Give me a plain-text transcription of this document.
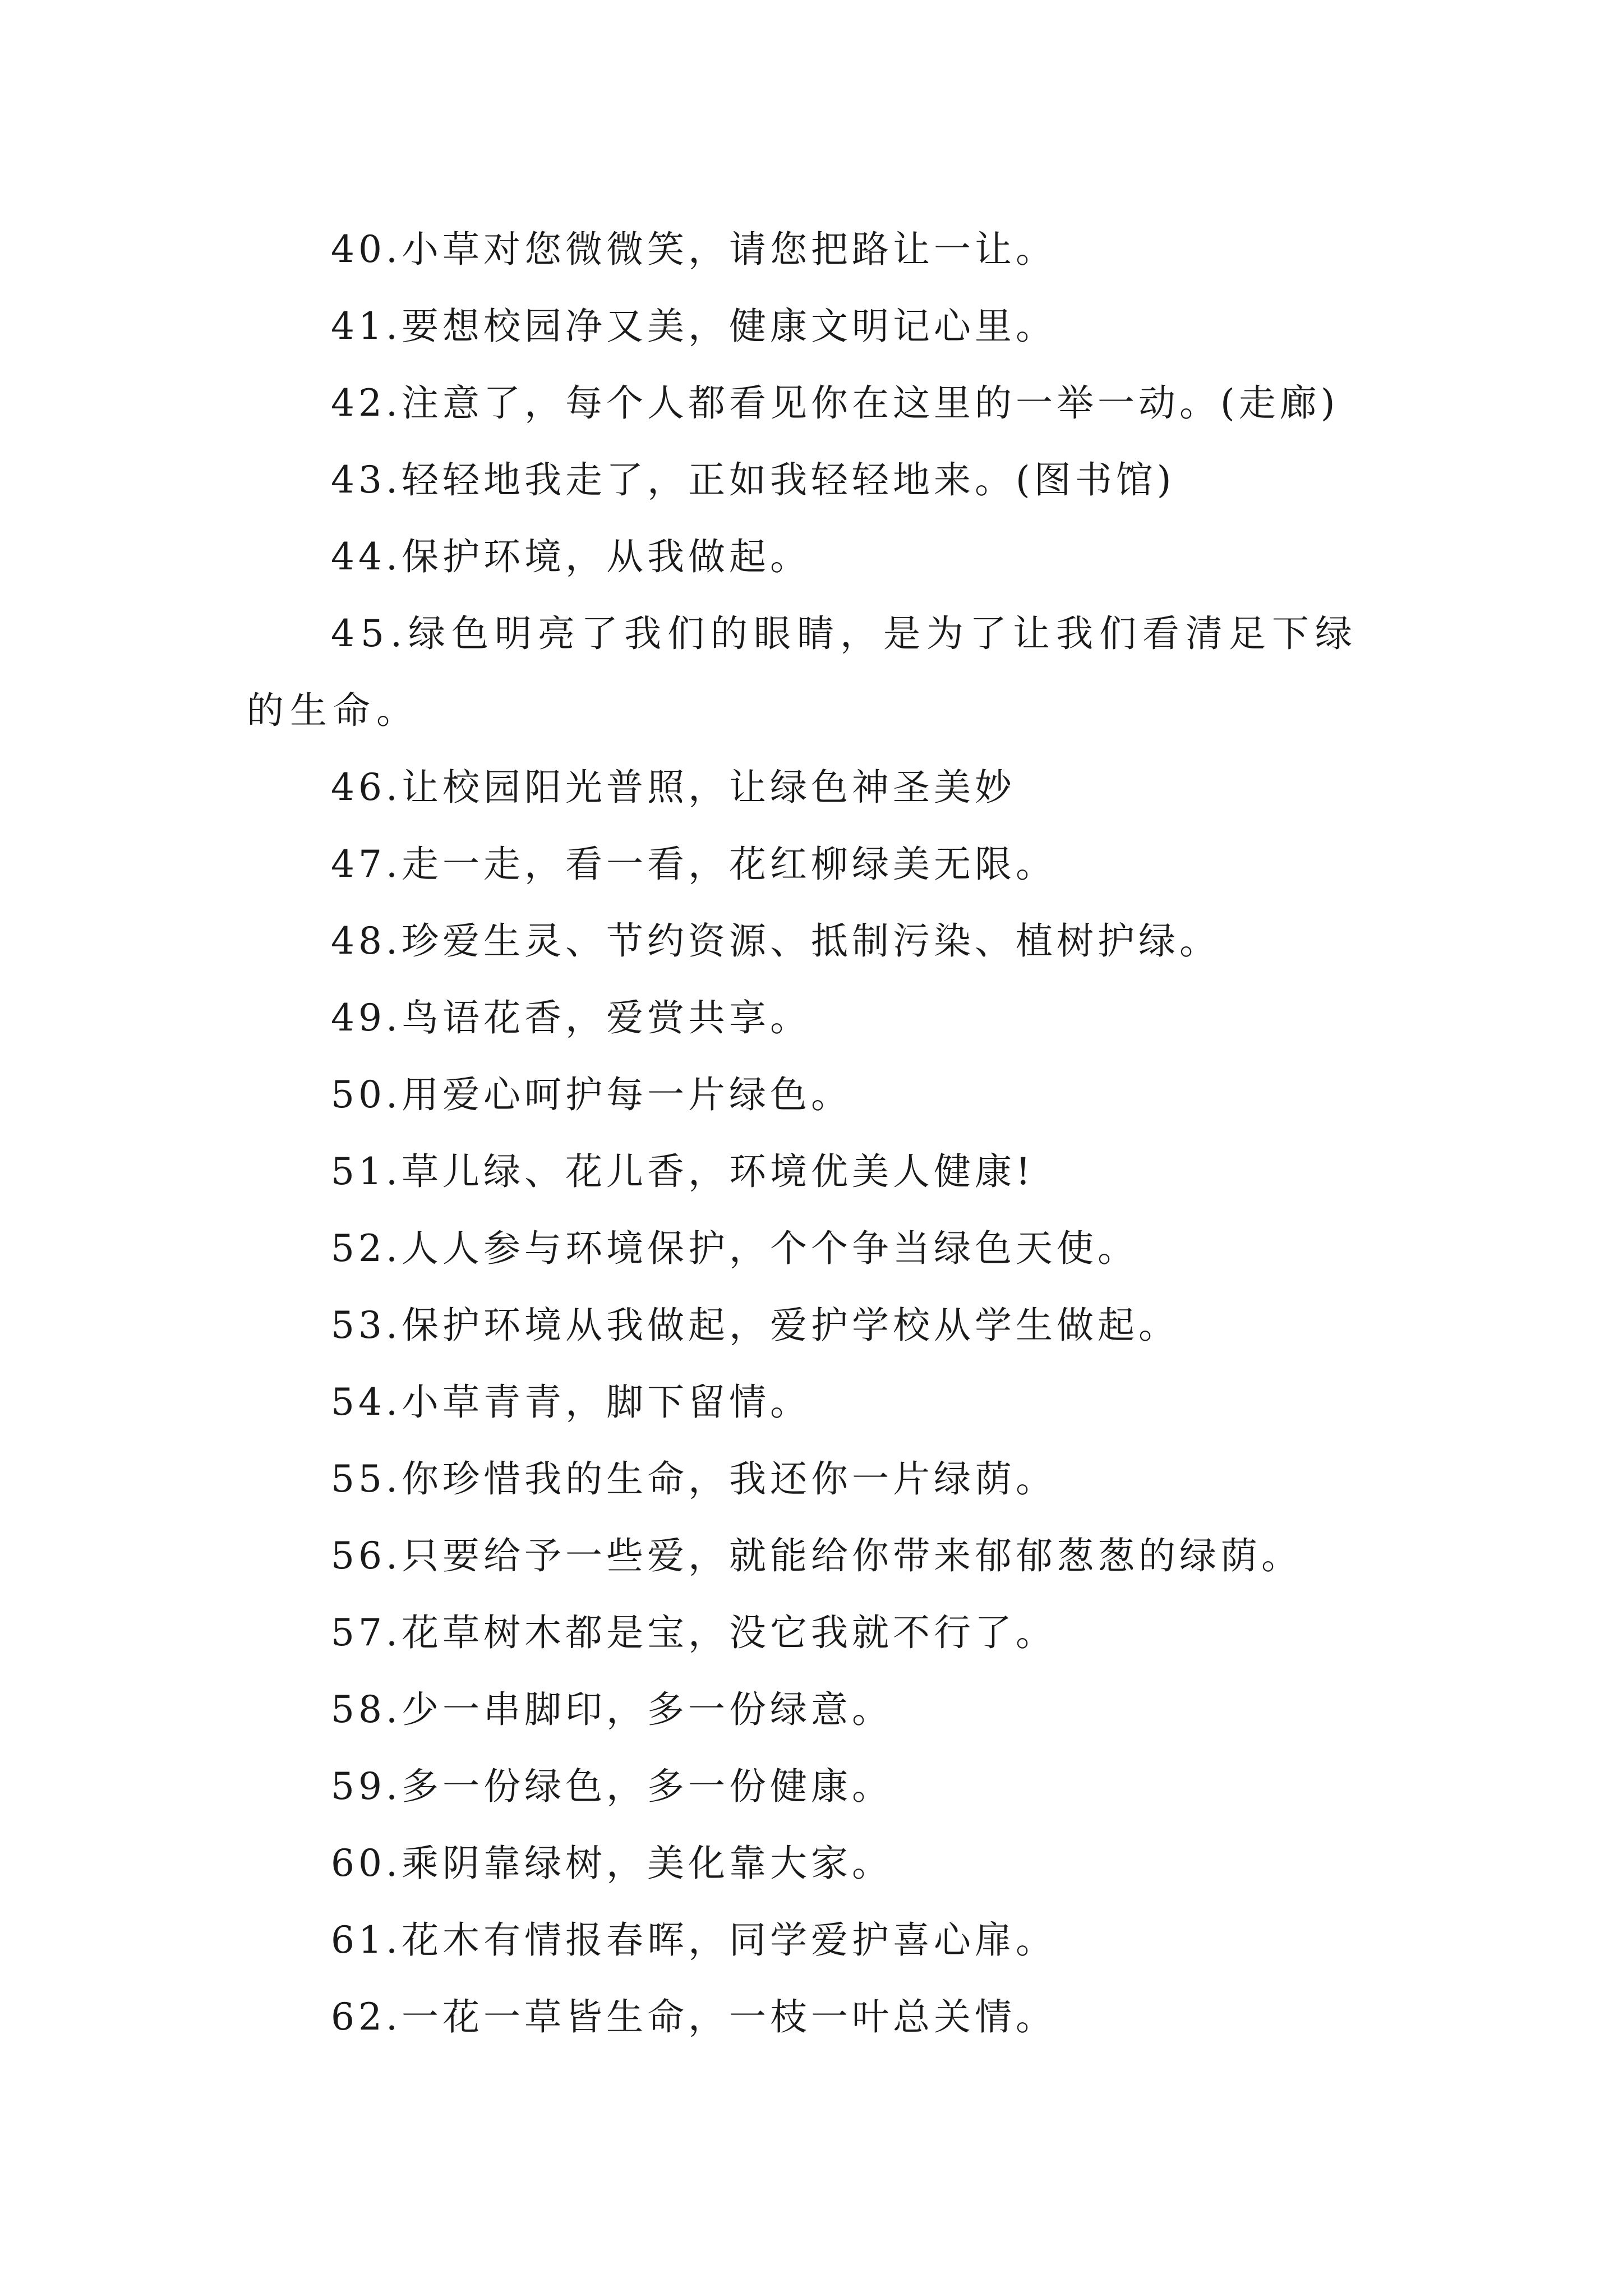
40.小草对您微微笑，请您把路让一让。

41.要想校园净又美，健康文明记心里。

42.注意了，每个人都看见你在这里的一举一动。(走廊)

43.轻轻地我走了，正如我轻轻地来。(图书馆)

44.保护环境，从我做起。

45.绿色明亮了我们的眼睛，是为了让我们看清足下绿的生命。

46.让校园阳光普照，让绿色神圣美妙

47.走一走，看一看，花红柳绿美无限。

48.珍爱生灵、节约资源、抵制污染、植树护绿。

49.鸟语花香，爱赏共享。

50.用爱心呵护每一片绿色。

51.草儿绿、花儿香，环境优美人健康!

52.人人参与环境保护，个个争当绿色天使。

53.保护环境从我做起，爱护学校从学生做起。

54.小草青青，脚下留情。

55.你珍惜我的生命，我还你一片绿荫。

56.只要给予一些爱，就能给你带来郁郁葱葱的绿荫。

57.花草树木都是宝，没它我就不行了。

58.少一串脚印，多一份绿意。

59.多一份绿色，多一份健康。

60.乘阴靠绿树，美化靠大家。

61.花木有情报春晖，同学爱护喜心扉。

62.一花一草皆生命，一枝一叶总关情。
